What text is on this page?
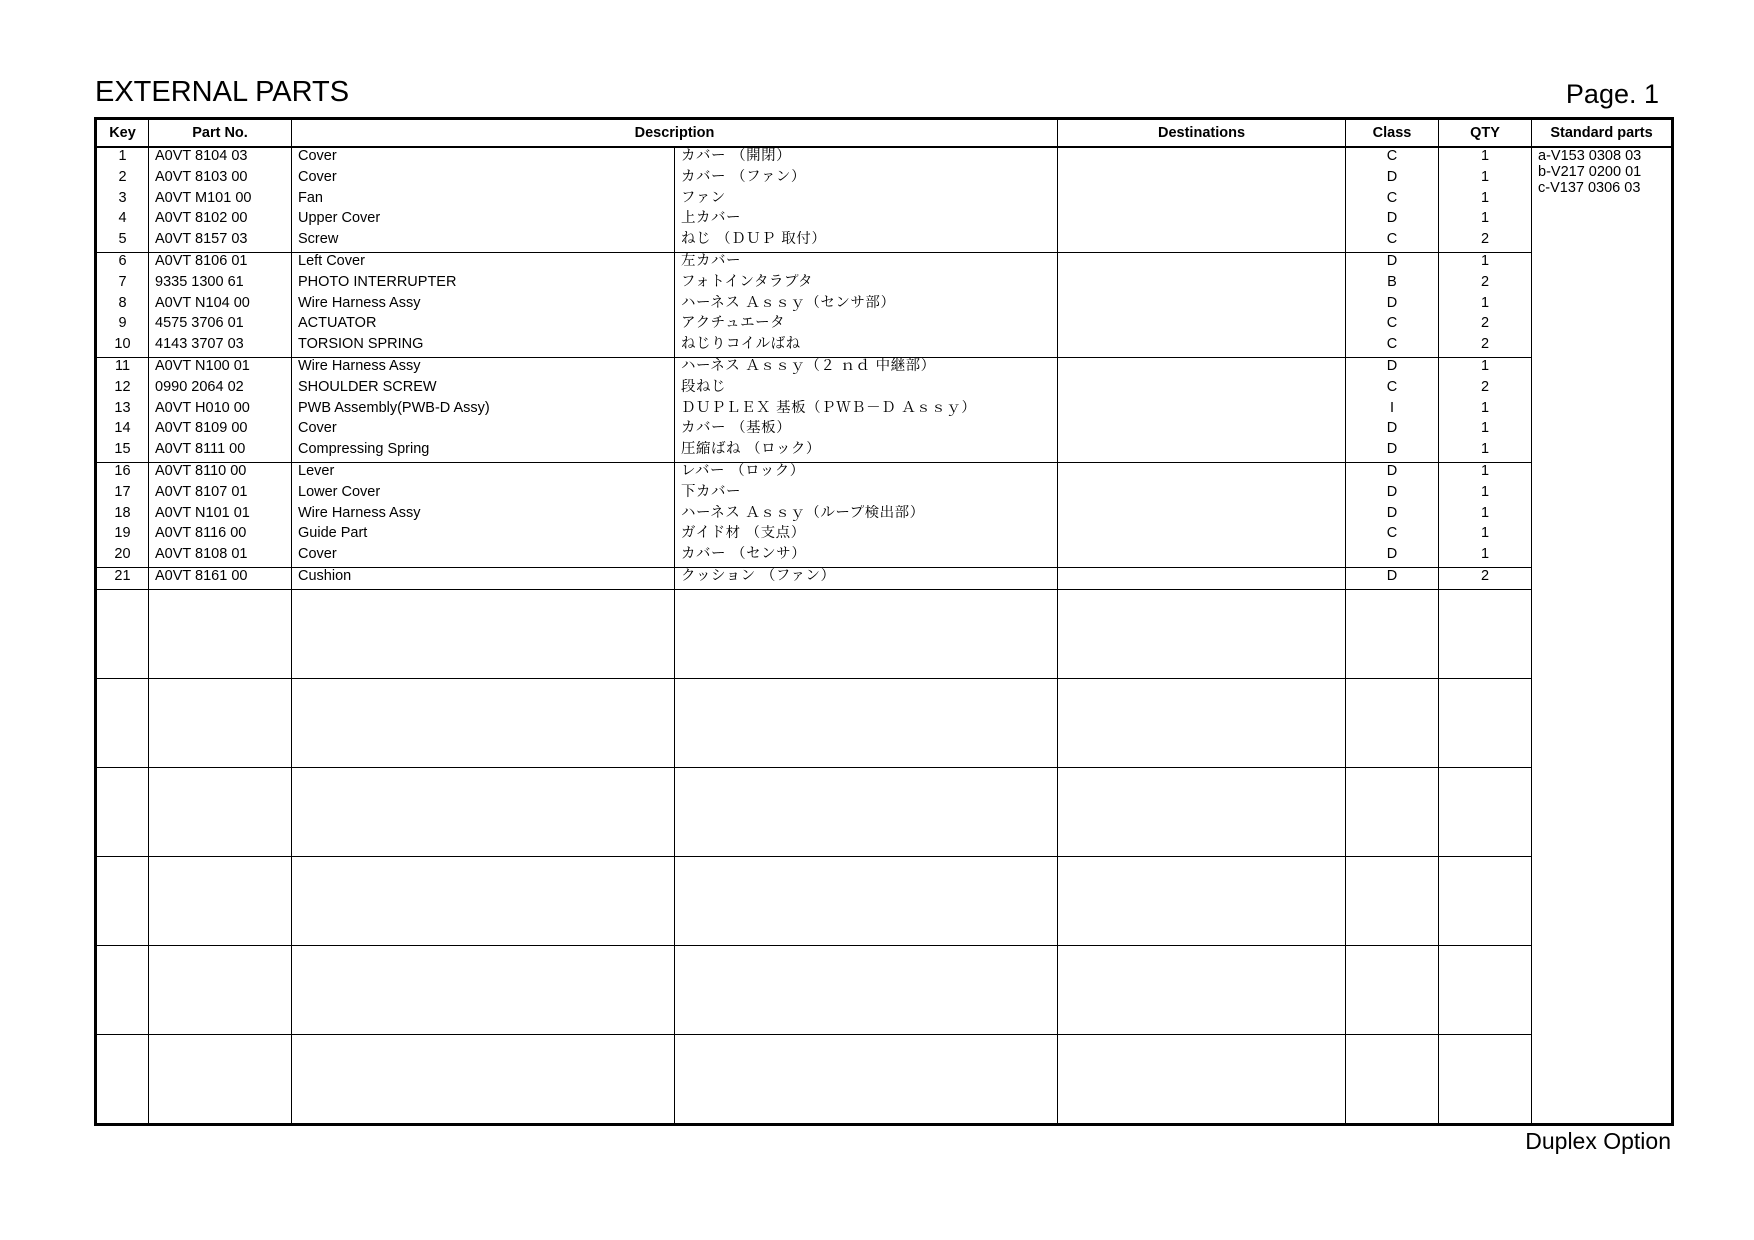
EXTERNAL PARTS	Page. 1
Key	Part No.	Description		Destinations	Class	QTY	Standard parts
1	A0VT 8104 03	Cover	カバー （開閉）		C	1	a-V153 0308 03
b-V217 0200 01
c-V137 0306 03

2	A0VT 8103 00	Cover	カバー （ファン）		D	1	
3	A0VT M101 00	Fan	ファン		C	1	
4	A0VT 8102 00	Upper Cover	上カバー		D	1	
5	A0VT 8157 03	Screw	ねじ （ＤＵＰ 取付）		C	2	
6	A0VT 8106 01	Left Cover	左カバー		D	1	
7	9335 1300 61	PHOTO INTERRUPTER	フォトインタラプタ		B	2	
8	A0VT N104 00	Wire Harness Assy	ハーネス Ａｓｓｙ（センサ部）		D	1	
9	4575 3706 01	ACTUATOR	アクチュエータ		C	2	
10	4143 3707 03	TORSION SPRING	ねじりコイルばね		C	2	
11	A0VT N100 01	Wire Harness Assy	ハーネス Ａｓｓｙ（２ ｎｄ 中継部）		D	1	
12	0990 2064 02	SHOULDER SCREW	段ねじ		C	2	
13	A0VT H010 00	PWB Assembly(PWB-D Assy)	ＤＵＰＬＥＸ 基板（ＰＷＢ－Ｄ Ａｓｓｙ）		I	1	
14	A0VT 8109 00	Cover	カバー （基板）		D	1	
15	A0VT 8111 00	Compressing Spring	圧縮ばね （ロック）		D	1	
16	A0VT 8110 00	Lever	レバー （ロック）		D	1	
17	A0VT 8107 01	Lower Cover	下カバー		D	1	
18	A0VT N101 01	Wire Harness Assy	ハーネス Ａｓｓｙ（ループ検出部）		D	1	
19	A0VT 8116 00	Guide Part	ガイド材 （支点）		C	1	
20	A0VT 8108 01	Cover	カバー （センサ）		D	1	
21	A0VT 8161 00	Cushion	クッション （ファン）		D	2	

Duplex Option
